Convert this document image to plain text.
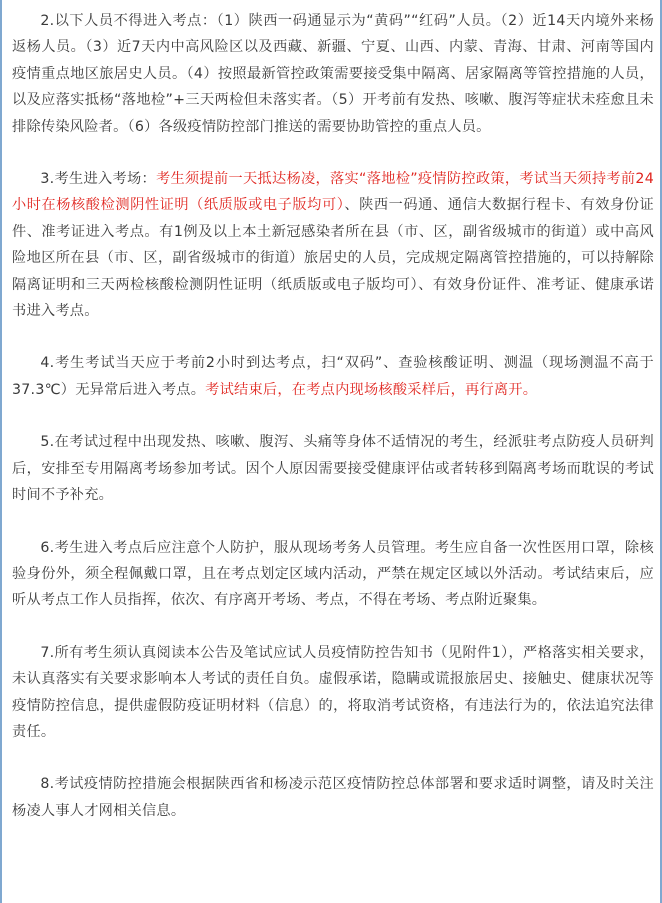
2.以下人员不得进入考点：（1）陕西一码通显示为“黄码”“红码”人员。（2）近14天内境外来杨返杨人员。（3）近7天内中高风险区以及西藏、新疆、宁夏、山西、内蒙、青海、甘肃、河南等国内疫情重点地区旅居史人员。（4）按照最新管控政策需要接受集中隔离、居家隔离等管控措施的人员，以及应落实抵杨“落地检”+三天两检但未落实者。（5）开考前有发热、咳嗽、腹泻等症状未痊愈且未排除传染风险者。（6）各级疫情防控部门推送的需要协助管控的重点人员。

3.考生进入考场：考生须提前一天抵达杨凌，落实“落地检”疫情防控政策，考试当天须持考前24小时在杨核酸检测阴性证明（纸质版或电子版均可）、陕西一码通、通信大数据行程卡、有效身份证件、准考证进入考点。有1例及以上本土新冠感染者所在县（市、区，副省级城市的街道）或中高风险地区所在县（市、区，副省级城市的街道）旅居史的人员，完成规定隔离管控措施的，可以持解除隔离证明和三天两检核酸检测阴性证明（纸质版或电子版均可）、有效身份证件、准考证、健康承诺书进入考点。

4.考生考试当天应于考前2小时到达考点，扫“双码”、查验核酸证明、测温（现场测温不高于37.3℃）无异常后进入考点。考试结束后，在考点内现场核酸采样后，再行离开。

5.在考试过程中出现发热、咳嗽、腹泻、头痛等身体不适情况的考生，经派驻考点防疫人员研判后，安排至专用隔离考场参加考试。因个人原因需要接受健康评估或者转移到隔离考场而耽误的考试时间不予补充。

6.考生进入考点后应注意个人防护，服从现场考务人员管理。考生应自备一次性医用口罩，除核验身份外，须全程佩戴口罩，且在考点划定区域内活动，严禁在规定区域以外活动。考试结束后，应听从考点工作人员指挥，依次、有序离开考场、考点，不得在考场、考点附近聚集。

7.所有考生须认真阅读本公告及笔试应试人员疫情防控告知书（见附件1），严格落实相关要求，未认真落实有关要求影响本人考试的责任自负。虚假承诺，隐瞒或谎报旅居史、接触史、健康状况等疫情防控信息，提供虚假防疫证明材料（信息）的，将取消考试资格，有违法行为的，依法追究法律责任。

8.考试疫情防控措施会根据陕西省和杨凌示范区疫情防控总体部署和要求适时调整，请及时关注杨凌人事人才网相关信息。
